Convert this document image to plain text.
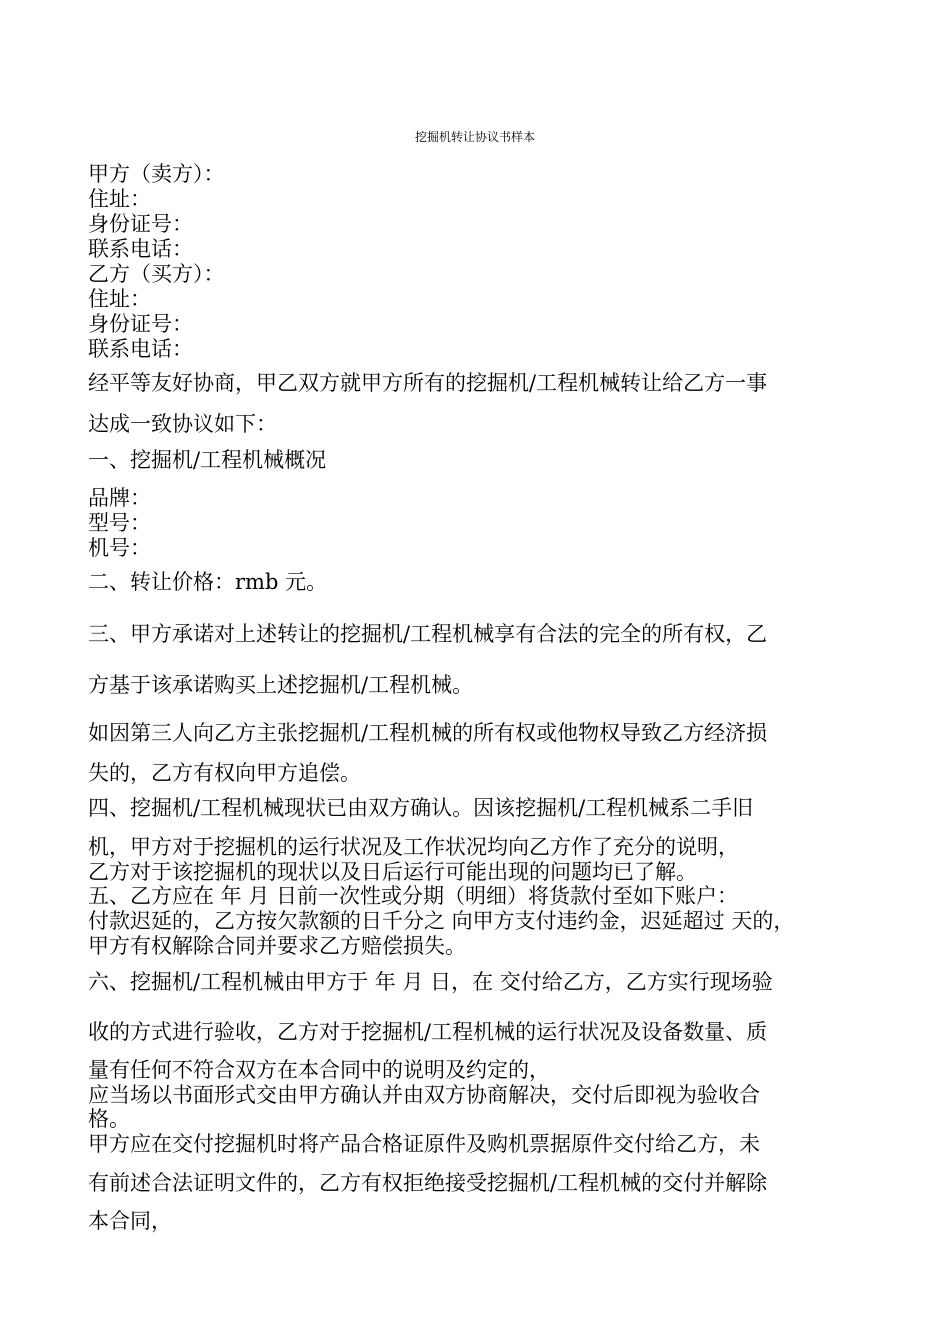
挖掘机转让协议书样本
甲方（卖方）：
住址：
身份证号：
联系电话：
乙方（买方）：
住址：
身份证号：
联系电话：
经平等友好协商，甲乙双方就甲方所有的挖掘机/工程机械转让给乙方一事
达成一致协议如下：
一、挖掘机/工程机械概况
品牌：
型号：
机号：
二、转让价格：rmb 元。
三、甲方承诺对上述转让的挖掘机/工程机械享有合法的完全的所有权，乙
方基于该承诺购买上述挖掘机/工程机械。
如因第三人向乙方主张挖掘机/工程机械的所有权或他物权导致乙方经济损
失的，乙方有权向甲方追偿。
四、挖掘机/工程机械现状已由双方确认。因该挖掘机/工程机械系二手旧
机，甲方对于挖掘机的运行状况及工作状况均向乙方作了充分的说明，
乙方对于该挖掘机的现状以及日后运行可能出现的问题均已了解。
五、乙方应在 年 月 日前一次性或分期（明细）将货款付至如下账户：
付款迟延的，乙方按欠款额的日千分之 向甲方支付违约金，迟延超过 天的，
甲方有权解除合同并要求乙方赔偿损失。
六、挖掘机/工程机械由甲方于 年 月 日，在 交付给乙方，乙方实行现场验
收的方式进行验收，乙方对于挖掘机/工程机械的运行状况及设备数量、质
量有任何不符合双方在本合同中的说明及约定的，
应当场以书面形式交由甲方确认并由双方协商解决，交付后即视为验收合
格。
甲方应在交付挖掘机时将产品合格证原件及购机票据原件交付给乙方，未
有前述合法证明文件的，乙方有权拒绝接受挖掘机/工程机械的交付并解除
本合同，
